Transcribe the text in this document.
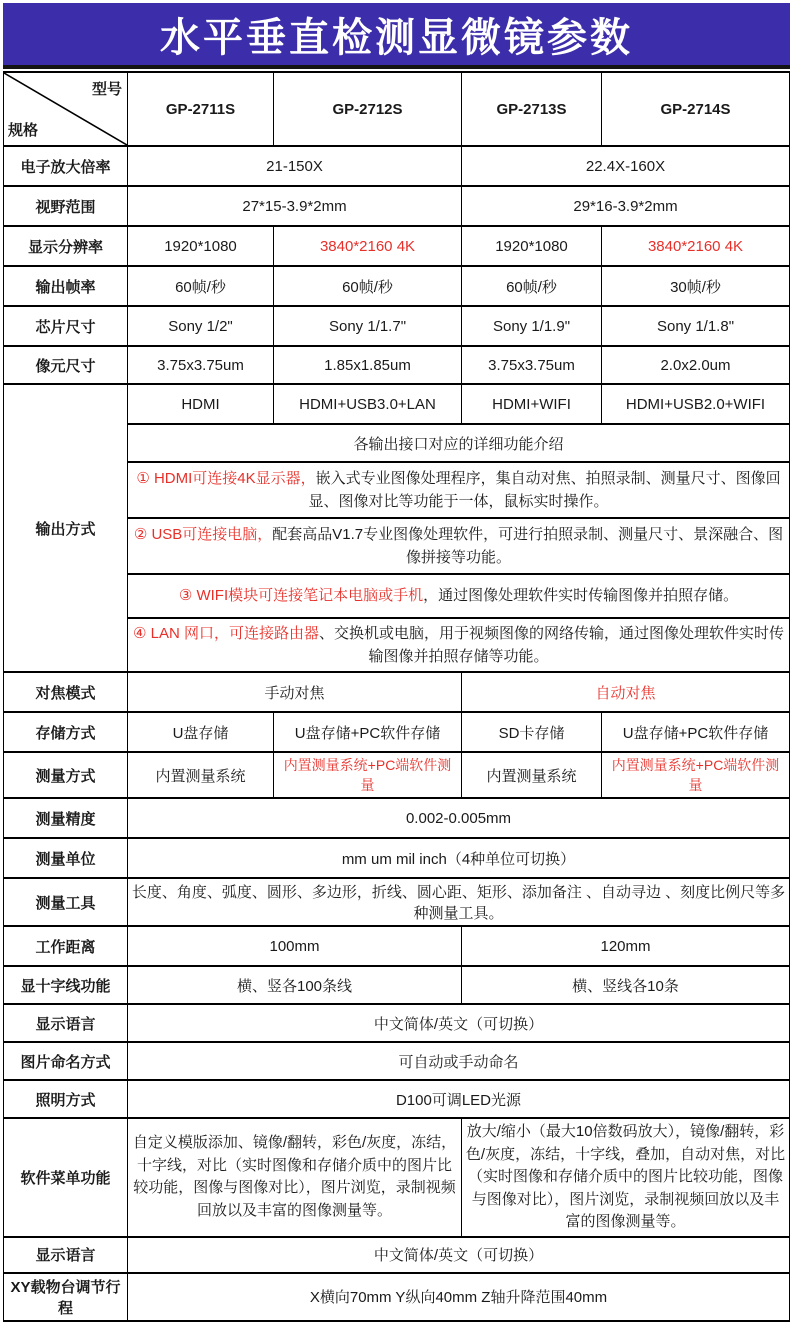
水平垂直检测显微镜参数
型号
规格	GP-2711S	GP-2712S	GP-2713S	GP-2714S
电子放大倍率	21-150X		22.4X-160X	
视野范围	27*15-3.9*2mm		29*16-3.9*2mm	
显示分辨率	1920*1080	3840*2160 4K	1920*1080	3840*2160 4K
输出帧率	60帧/秒	60帧/秒	60帧/秒	30帧/秒
芯片尺寸	Sony 1/2"	Sony 1/1.7"	Sony 1/1.9"	Sony 1/1.8"
像元尺寸	3.75x3.75um	1.85x1.85um	3.75x3.75um	2.0x2.0um
输出方式	HDMI	HDMI+USB3.0+LAN	HDMI+WIFI	HDMI+USB2.0+WIFI
	各输出接口对应的详细功能介绍			
	① HDMI可连接4K显示器，嵌入式专业图像处理程序，集自动对焦、拍照录制、测量尺寸、图像回显、图像对比等功能于一体，鼠标实时操作。			
	② USB可连接电脑，配套高品V1.7专业图像处理软件，可进行拍照录制、测量尺寸、景深融合、图像拼接等功能。			
	③ WIFI模块可连接笔记本电脑或手机，通过图像处理软件实时传输图像并拍照存储。			
	④ LAN 网口，可连接路由器、交换机或电脑，用于视频图像的网络传输，通过图像处理软件实时传输图像并拍照存储等功能。			
对焦模式	手动对焦		自动对焦	
存储方式	U盘存储	U盘存储+PC软件存储	SD卡存储	U盘存储+PC软件存储
测量方式	内置测量系统	内置测量系统+PC端软件测量	内置测量系统	内置测量系统+PC端软件测量
测量精度	0.002-0.005mm			
测量单位	mm um mil inch（4种单位可切换）			
测量工具	长度、角度、弧度、圆形、多边形，折线、圆心距、矩形、添加备注 、自动寻边 、刻度比例尺等多种测量工具。			
工作距离	100mm		120mm	
显十字线功能	横、竖各100条线		横、竖线各10条	
显示语言	中文简体/英文（可切换）			
图片命名方式	可自动或手动命名			
照明方式	D100可调LED光源			
软件菜单功能	自定义模版添加、镜像/翻转，彩色/灰度，冻结，十字线，对比（实时图像和存储介质中的图片比较功能，图像与图像对比），图片浏览，录制视频回放以及丰富的图像测量等。		放大/缩小（最大10倍数码放大），镜像/翻转，彩色/灰度，冻结，十字线，叠加，自动对焦，对比（实时图像和存储介质中的图片比较功能，图像与图像对比），图片浏览，录制视频回放以及丰富的图像测量等。	
显示语言	中文简体/英文（可切换）			
XY载物台调节行程	X横向70mm Y纵向40mm Z轴升降范围40mm			
